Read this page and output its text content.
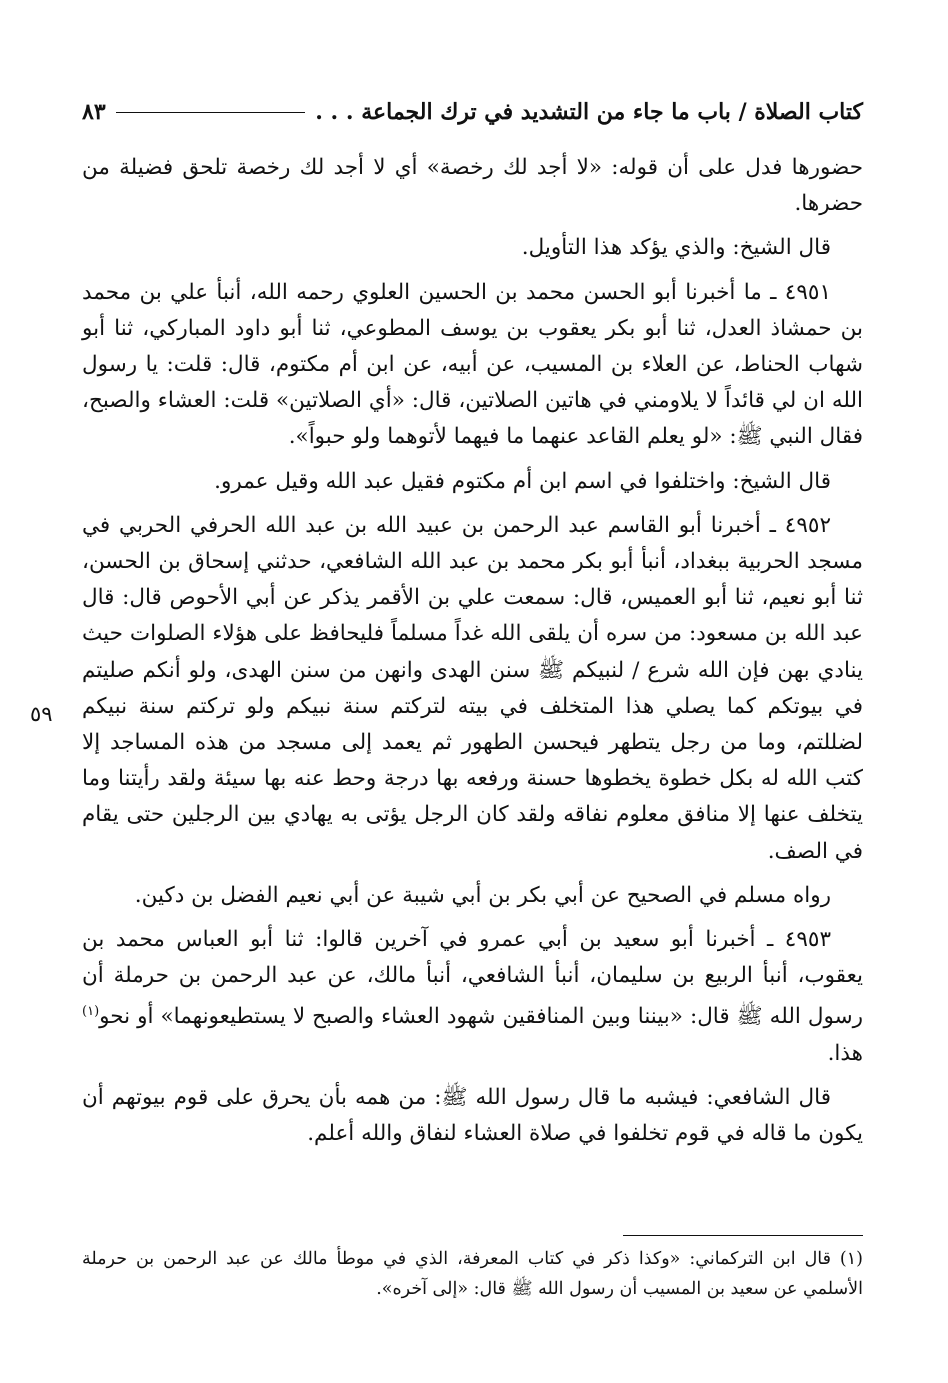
كتاب الصلاة / باب ما جاء من التشديد في ترك الجماعة . . .
٨٣
٥٩

حضورها فدل على أن قوله: «لا أجد لك رخصة» أي لا أجد لك رخصة تلحق فضيلة من حضرها.

قال الشيخ: والذي يؤكد هذا التأويل.

٤٩٥١ ـ ما أخبرنا أبو الحسن محمد بن الحسين العلوي رحمه الله، أنبأ علي بن محمد بن حمشاذ العدل، ثنا أبو بكر يعقوب بن يوسف المطوعي، ثنا أبو داود المباركي، ثنا أبو شهاب الحناط، عن العلاء بن المسيب، عن أبيه، عن ابن أم مكتوم، قال: قلت: يا رسول الله ان لي قائداً لا يلاومني في هاتين الصلاتين، قال: «أي الصلاتين» قلت: العشاء والصبح، فقال النبي ﷺ: «لو يعلم القاعد عنهما ما فيهما لأتوهما ولو حبواً».

قال الشيخ: واختلفوا في اسم ابن أم مكتوم فقيل عبد الله وقيل عمرو.

٤٩٥٢ ـ أخبرنا أبو القاسم عبد الرحمن بن عبيد الله بن عبد الله الحرفي الحربي في مسجد الحربية ببغداد، أنبأ أبو بكر محمد بن عبد الله الشافعي، حدثني إسحاق بن الحسن، ثنا أبو نعيم، ثنا أبو العميس، قال: سمعت علي بن الأقمر يذكر عن أبي الأحوص قال: قال عبد الله بن مسعود: من سره أن يلقى الله غداً مسلماً فليحافظ على هؤلاء الصلوات حيث ينادي بهن فإن الله شرع / لنبيكم ﷺ سنن الهدى وانهن من سنن الهدى، ولو أنكم صليتم في بيوتكم كما يصلي هذا المتخلف في بيته لتركتم سنة نبيكم ولو تركتم سنة نبيكم لضللتم، وما من رجل يتطهر فيحسن الطهور ثم يعمد إلى مسجد من هذه المساجد إلا كتب الله له بكل خطوة يخطوها حسنة ورفعه بها درجة وحط عنه بها سيئة ولقد رأيتنا وما يتخلف عنها إلا منافق معلوم نفاقه ولقد كان الرجل يؤتى به يهادي بين الرجلين حتى يقام في الصف.

رواه مسلم في الصحيح عن أبي بكر بن أبي شيبة عن أبي نعيم الفضل بن دكين.

٤٩٥٣ ـ أخبرنا أبو سعيد بن أبي عمرو في آخرين قالوا: ثنا أبو العباس محمد بن يعقوب، أنبأ الربيع بن سليمان، أنبأ الشافعي، أنبأ مالك، عن عبد الرحمن بن حرملة أن رسول الله ﷺ قال: «بيننا وبين المنافقين شهود العشاء والصبح لا يستطيعونهما» أو نحو$^{(١)}$ هذا.

قال الشافعي: فيشبه ما قال رسول الله ﷺ: من همه بأن يحرق على قوم بيوتهم أن يكون ما قاله في قوم تخلفوا في صلاة العشاء لنفاق والله أعلم.

(١) قال ابن التركماني: «وكذا ذكر في كتاب المعرفة، الذي في موطأ مالك عن عبد الرحمن بن حرملة الأسلمي عن سعيد بن المسيب أن رسول الله ﷺ قال: «إلى آخره».
